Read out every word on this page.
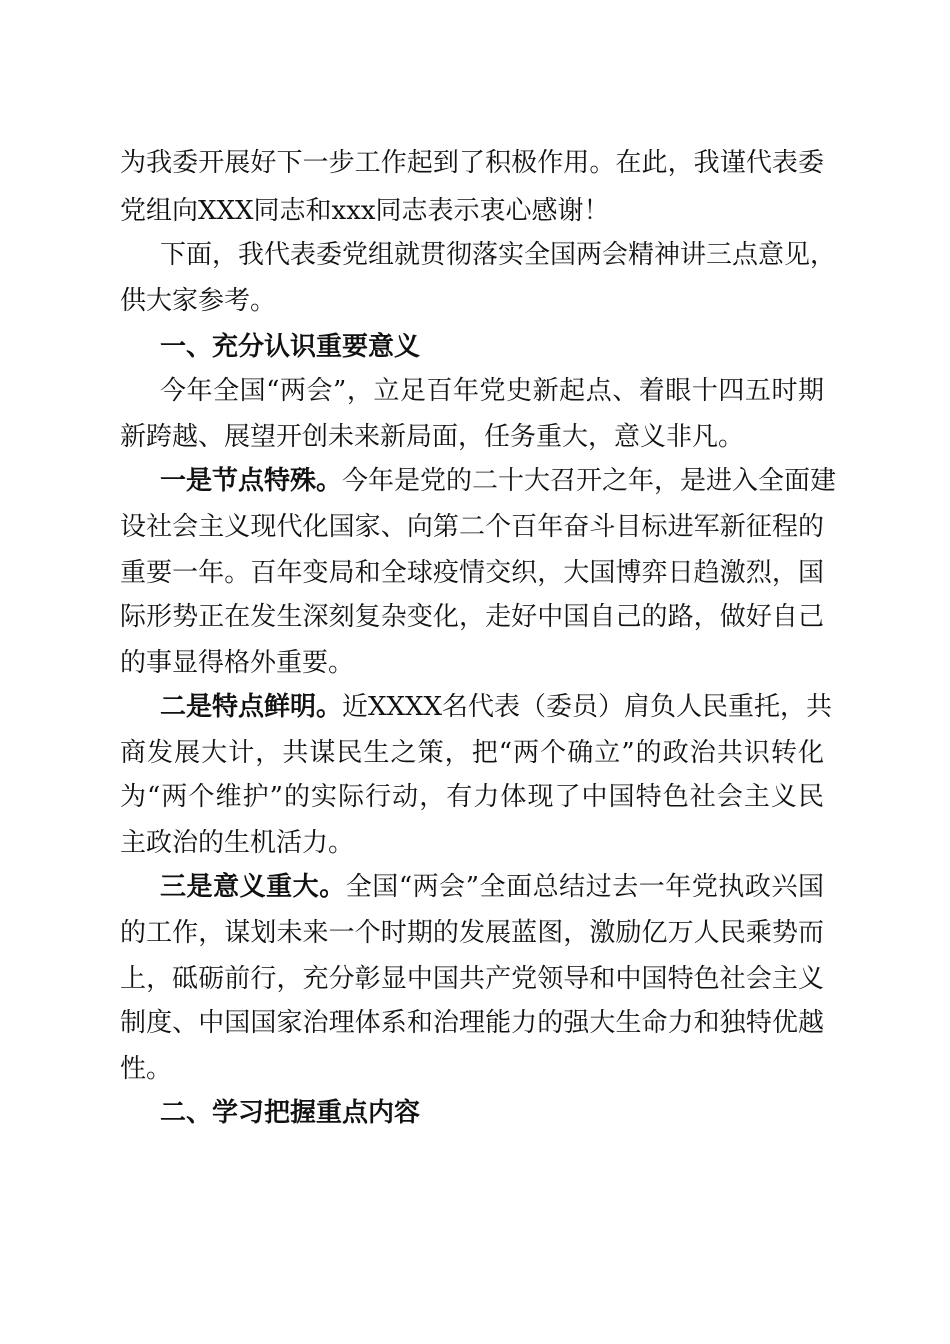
为我委开展好下一步工作起到了积极作用。在此，我谨代表委
党组向XXX同志和xxx同志表示衷心感谢！
下面，我代表委党组就贯彻落实全国两会精神讲三点意见，
供大家参考。
一、充分认识重要意义
今年全国“两会”，立足百年党史新起点、着眼十四五时期
新跨越、展望开创未来新局面，任务重大，意义非凡。
一是节点特殊。今年是党的二十大召开之年，是进入全面建
设社会主义现代化国家、向第二个百年奋斗目标进军新征程的
重要一年。百年变局和全球疫情交织，大国博弈日趋激烈，国
际形势正在发生深刻复杂变化，走好中国自己的路，做好自己
的事显得格外重要。
二是特点鲜明。近XXXX名代表（委员）肩负人民重托，共
商发展大计，共谋民生之策，把“两个确立”的政治共识转化
为“两个维护”的实际行动，有力体现了中国特色社会主义民
主政治的生机活力。
三是意义重大。全国“两会”全面总结过去一年党执政兴国
的工作，谋划未来一个时期的发展蓝图，激励亿万人民乘势而
上，砥砺前行，充分彰显中国共产党领导和中国特色社会主义
制度、中国国家治理体系和治理能力的强大生命力和独特优越
性。
二、学习把握重点内容
